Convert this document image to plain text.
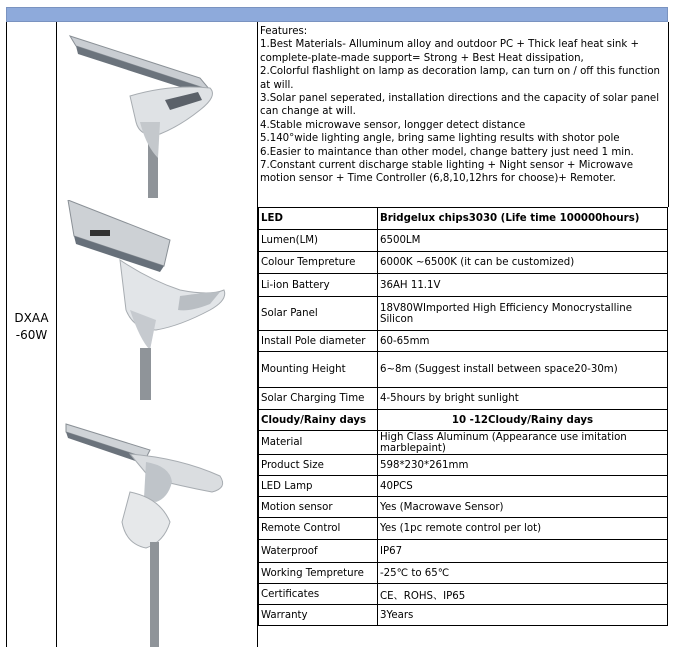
DXAA-60W
Features:
1.Best Materials- Alluminum alloy and outdoor PC + Thick leaf heat sink + complete-plate-made support= Strong + Best Heat dissipation,
2.Colorful flashlight on lamp as decoration lamp, can turn on / off this function at will.
3.Solar panel seperated, installation directions and the capacity of solar panel can change at will.
4.Stable microwave sensor, longger detect distance
5.140°wide lighting angle, bring same lighting results with shotor pole
6.Easier to maintance than other model, change battery just need 1 min.
7.Constant current discharge stable lighting + Night sensor + Microwave motion sensor + Time Controller (6,8,10,12hrs for choose)+ Remoter.
LED	Bridgelux chips3030 (Life time 100000hours)
Lumen(LM)	6500LM
Colour Tempreture	6000K ~6500K (it can be customized)
Li-ion Battery	36AH 11.1V
Solar Panel	18V80WImported High Efficiency Monocrystalline Silicon
Install Pole diameter	60-65mm
Mounting Height	6~8m (Suggest install between space20-30m)
Solar Charging Time	4-5hours by bright sunlight
Cloudy/Rainy days	10 -12Cloudy/Rainy days
Material	High Class Aluminum (Appearance use imitation marblepaint)
Product Size	598*230*261mm
LED Lamp	40PCS
Motion sensor	Yes (Macrowave Sensor)
Remote Control	Yes (1pc remote control per lot)
Waterproof	IP67
Working Tempreture	-25℃ to 65℃
Certificates	CE、ROHS、IP65
Warranty	3Years
